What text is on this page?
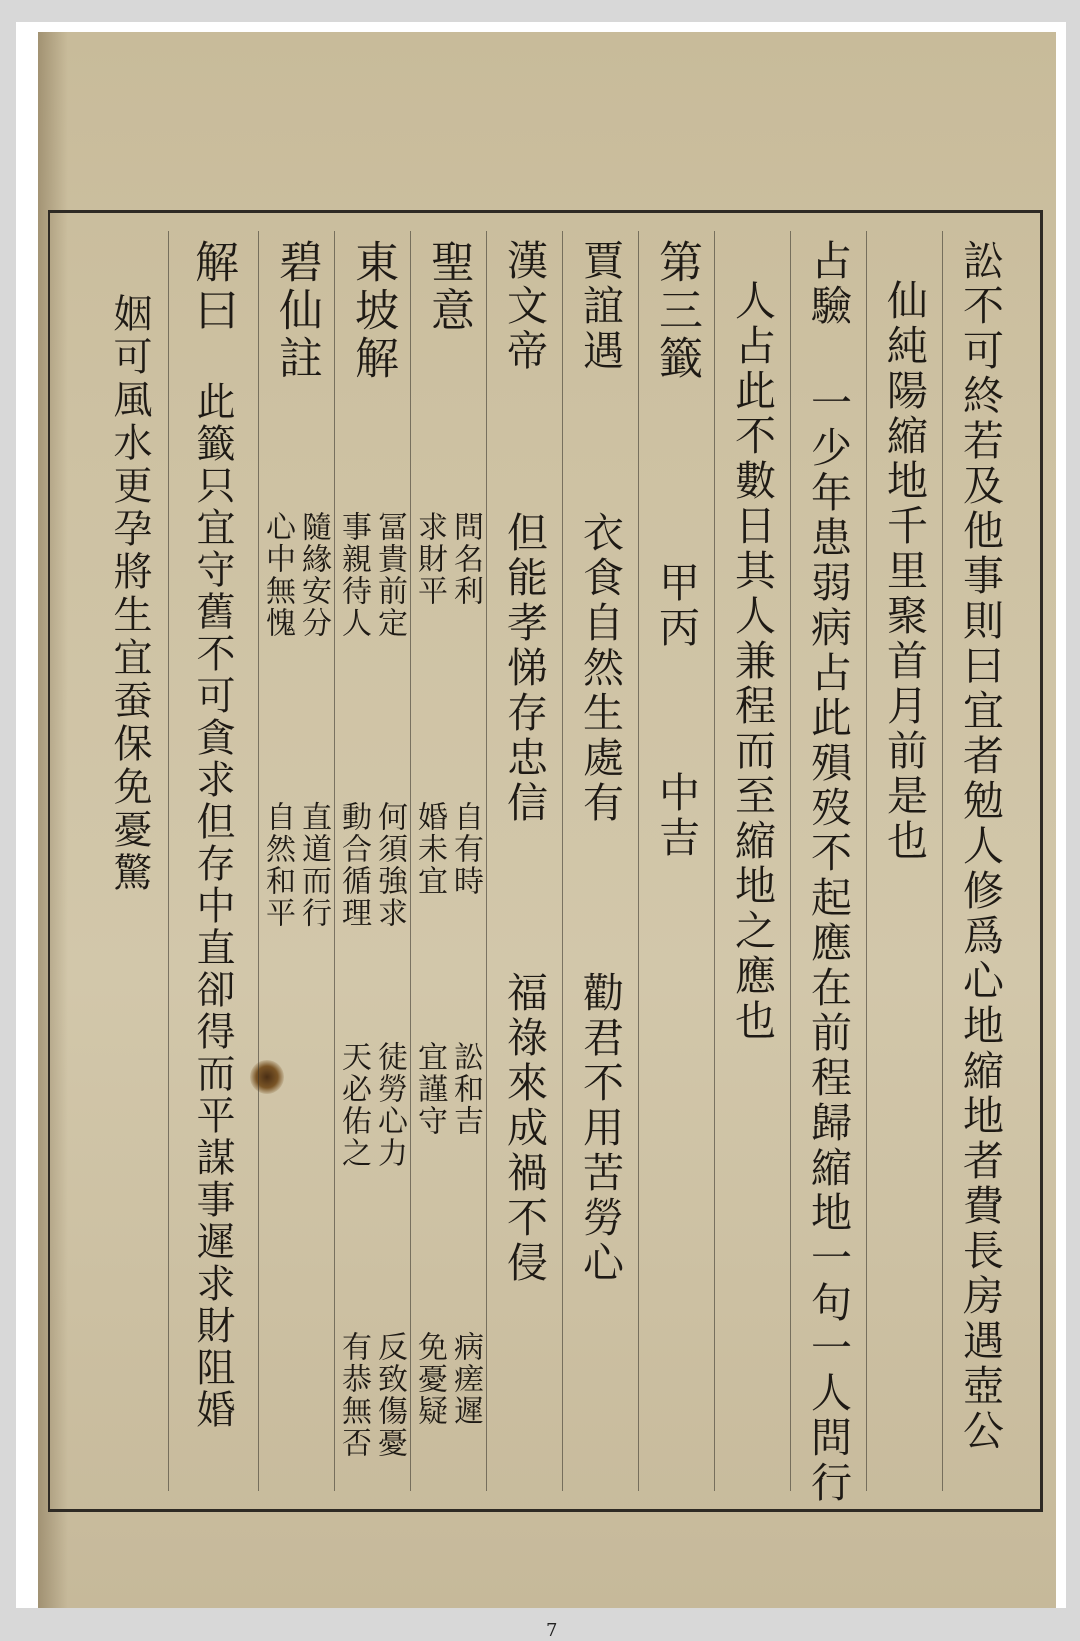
訟不可終若及他事則曰宜者勉人修爲心地縮地者費長房遇壺公
仙純陽縮地千里聚首月前是也
占驗 一少年患弱病占此殞歿不起應在前程歸縮地一句一人問行
人占此不數日其人兼程而至縮地之應也
第三籤
甲丙
中吉
賈誼遇
衣食自然生處有
勸君不用苦勞心
漢文帝
但能孝悌存忠信
福祿來成禍不侵
聖意
問名利
求財平
自有時
婚未宜
訟和吉
宜謹守
病瘥遲
免憂疑
東坡解
冨貴前定
事親待人
何須強求
動合循理
徒勞心力
天必佑之
反致傷憂
有恭無否
碧仙註
隨緣安分
心中無愧
直道而行
自然和平
解曰
此籤只宜守舊不可貪求但存中直卻得而平謀事遲求財阻婚
姻可風水更孕將生宜蚕保免憂驚
7
